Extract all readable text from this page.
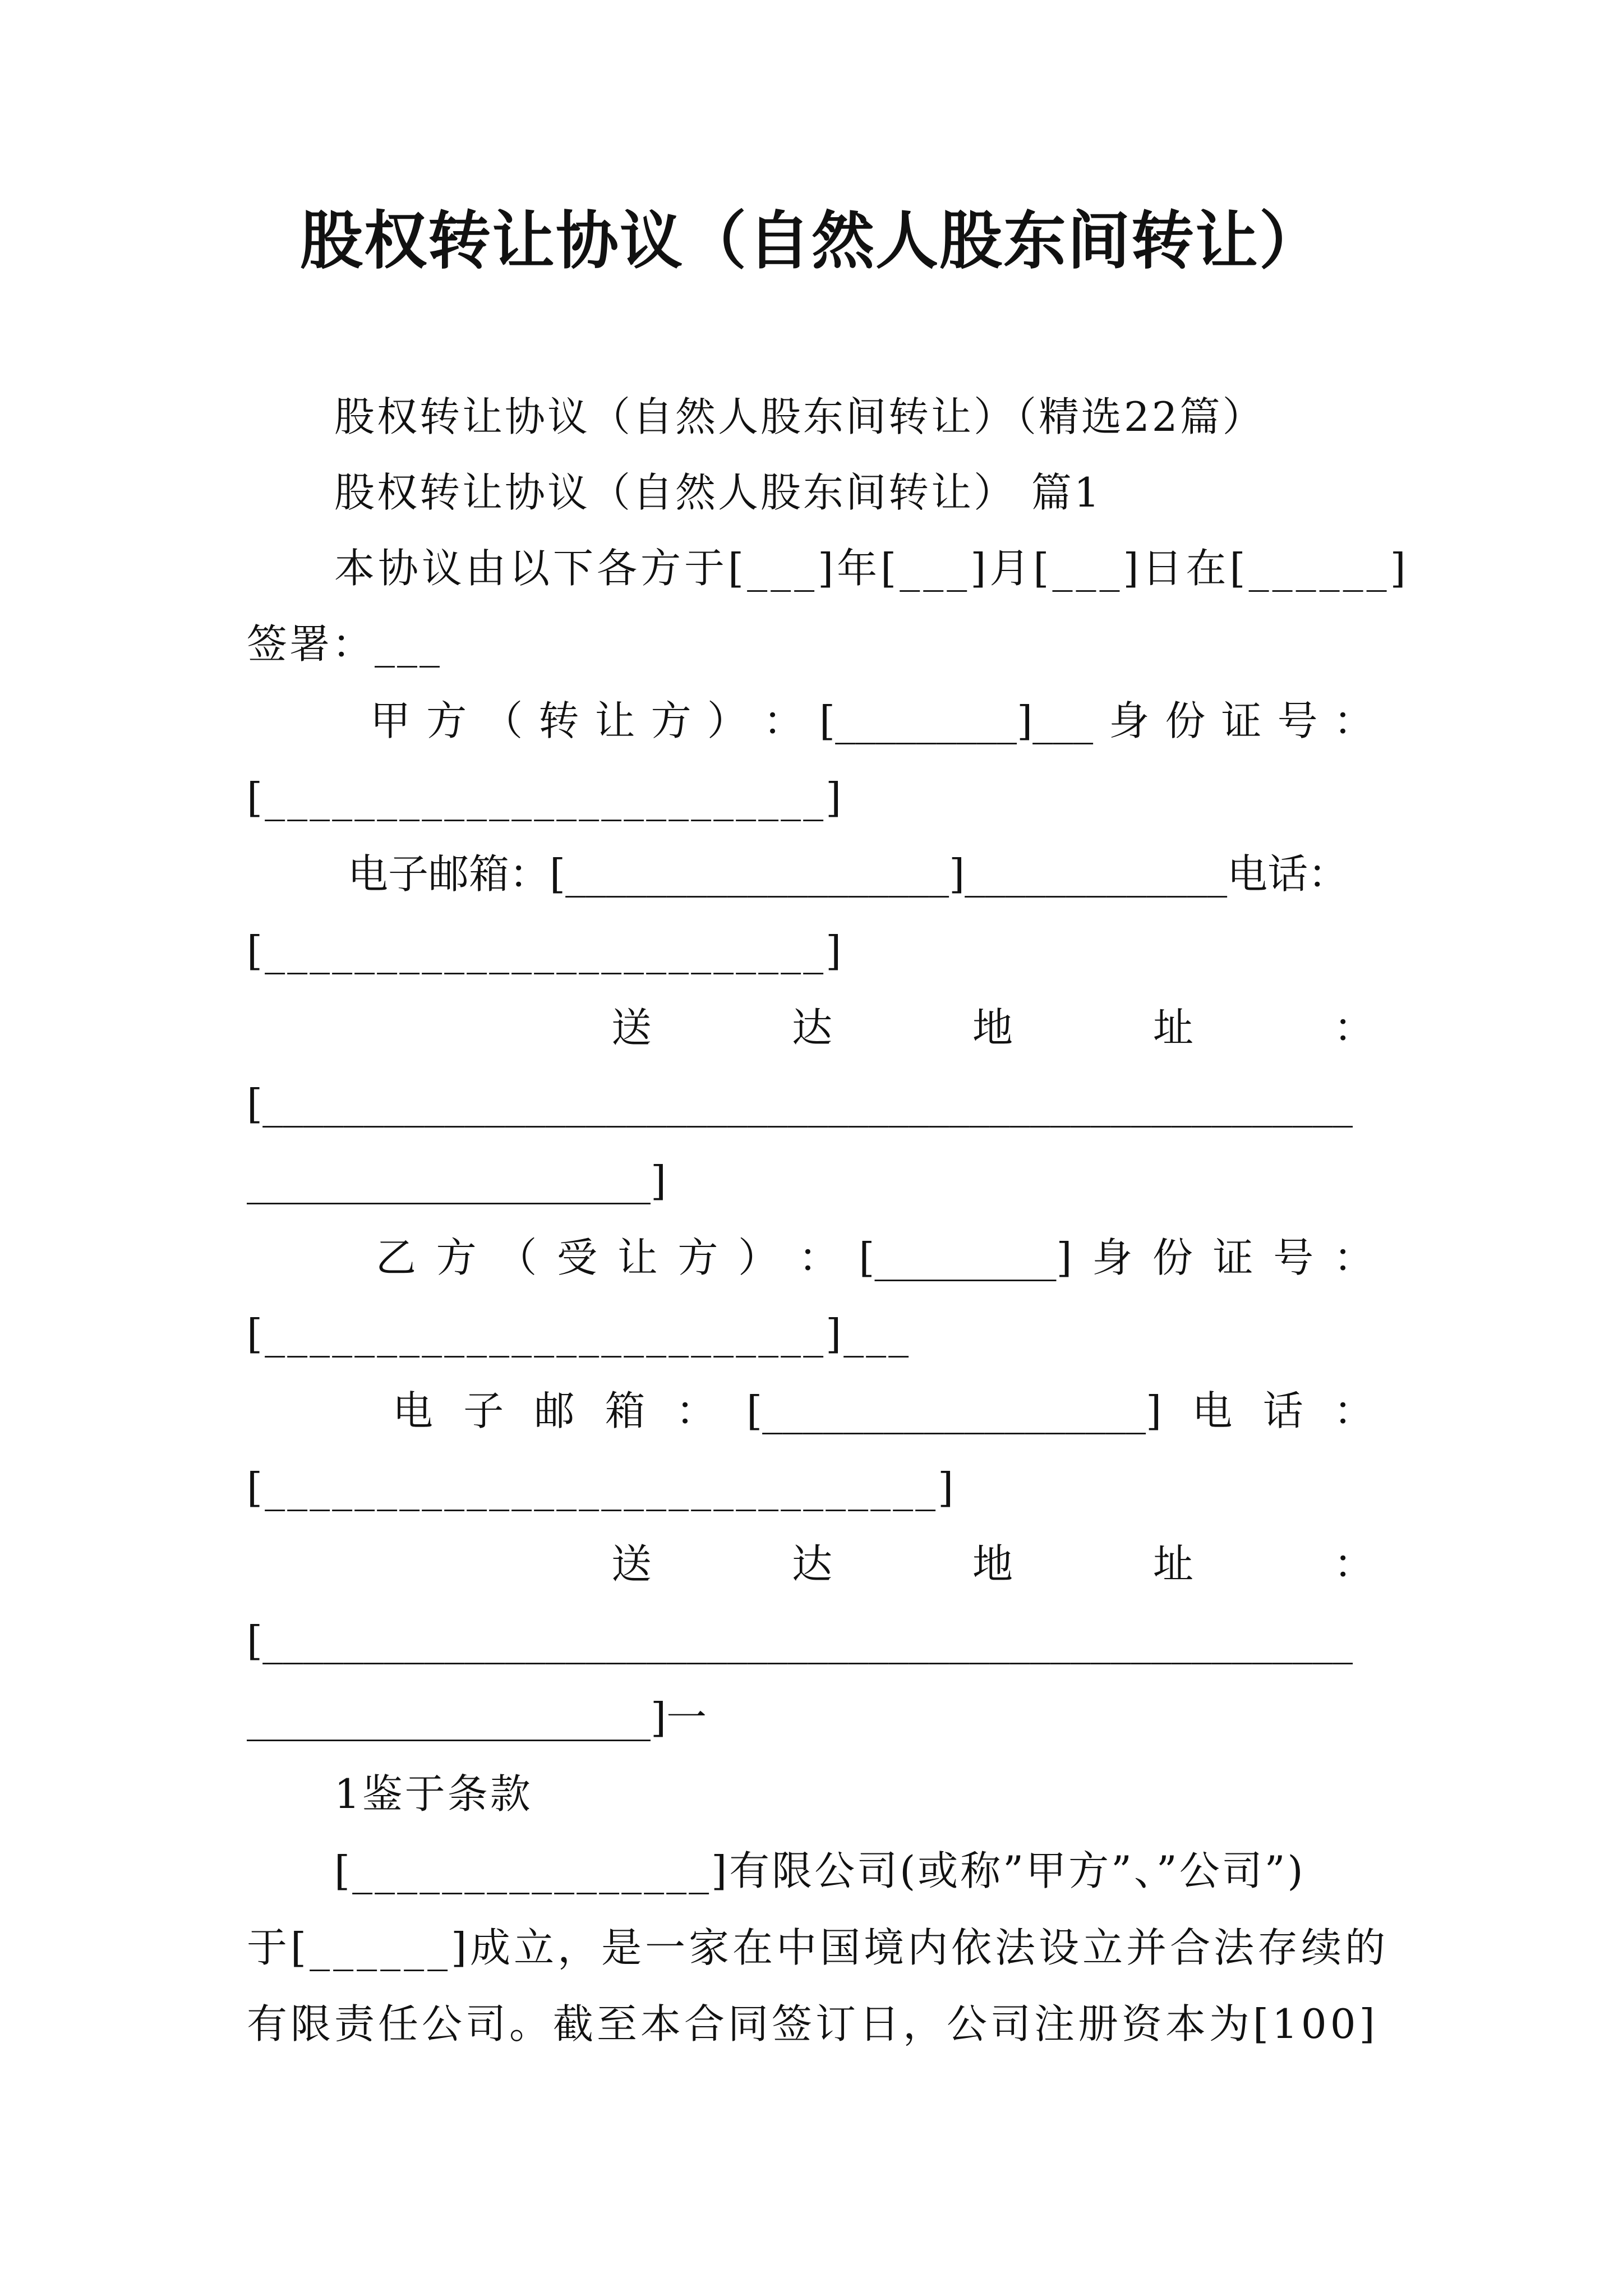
股权转让协议（自然人股东间转让）
股权转让协议（自然人股东间转让）（精选22篇）
股权转让协议（自然人股东间转让） 篇1
本协议由以下各方于[___]年[___]月[___]日在[______]
签署：___
甲 方 （ 转 让 方 ） ： [_________]___ 身 份 证 号 ：
[_________________________]
电子邮箱：[___________________]_____________电话：
[_________________________]
送	达	地	址	：
[______________________________________________________
____________________]
乙 方 （ 受 让 方 ） ： [_________] 身 份 证 号 ：
[_________________________]___
电 子 邮 箱 ： [___________________] 电 话 ：
[______________________________]
送	达	地	址	：
[______________________________________________________
____________________]一
1鉴于条款
[________________]有限公司(或称”甲方”、”公司”)
于[______]成立，是一家在中国境内依法设立并合法存续的
有限责任公司。截至本合同签订日，公司注册资本为[100]
